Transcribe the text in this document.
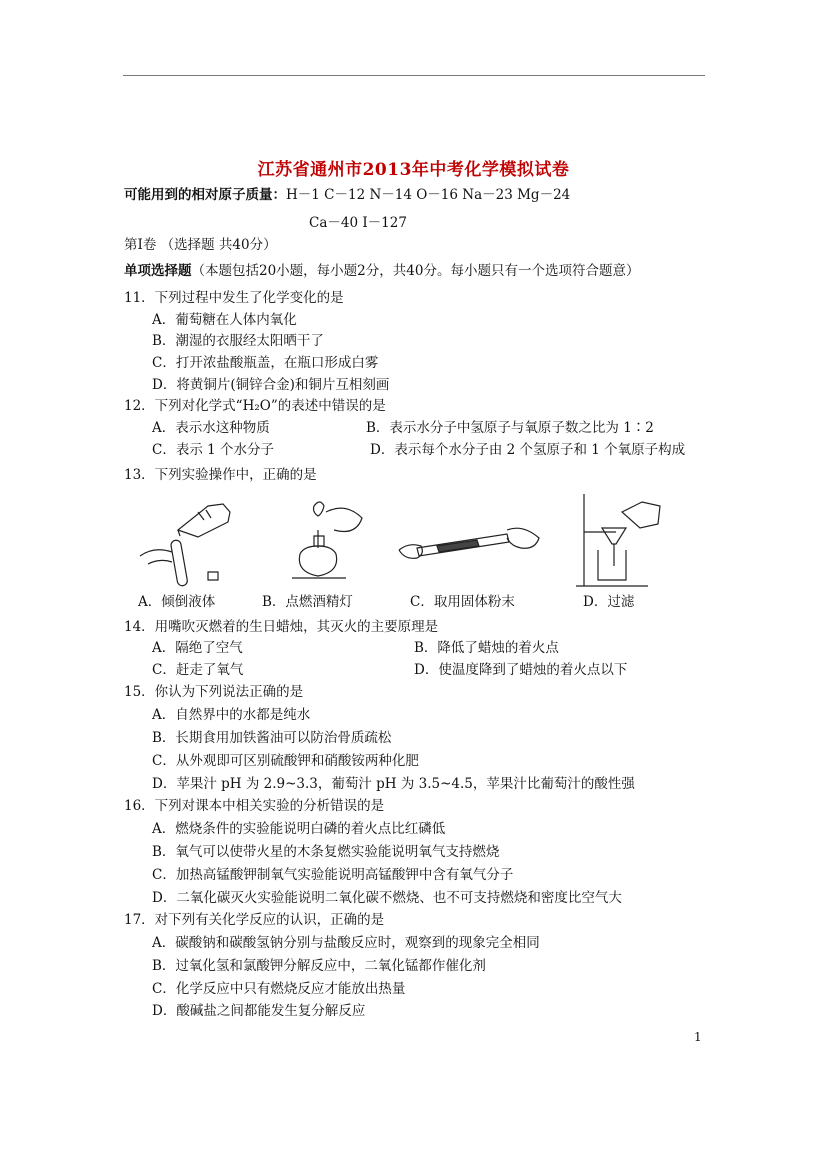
江苏省通州市2013年中考化学模拟试卷
可能用到的相对原子质量：H－1 C－12 N－14 O－16 Na－23 Mg－24
Ca－40 I－127
第Ⅰ卷 （选择题 共40分）
单项选择题（本题包括20小题，每小题2分，共40分。每小题只有一个选项符合题意）
11．下列过程中发生了化学变化的是
A．葡萄糖在人体内氧化
B．潮湿的衣服经太阳晒干了
C．打开浓盐酸瓶盖，在瓶口形成白雾
D．将黄铜片(铜锌合金)和铜片互相刻画
12．下列对化学式“H₂O”的表述中错误的是
A．表示水这种物质	B．表示水分子中氢原子与氧原子数之比为 1∶2
C．表示 1 个水分子	D．表示每个水分子由 2 个氢原子和 1 个氧原子构成
13．下列实验操作中，正确的是
A．倾倒液体	B．点燃酒精灯	C．取用固体粉末	D．过滤
14．用嘴吹灭燃着的生日蜡烛，其灭火的主要原理是
A．隔绝了空气	B．降低了蜡烛的着火点
C．赶走了氧气	D．使温度降到了蜡烛的着火点以下
15．你认为下列说法正确的是
A．自然界中的水都是纯水
B．长期食用加铁酱油可以防治骨质疏松
C．从外观即可区别硫酸钾和硝酸铵两种化肥
D．苹果汁 pH 为 2.9~3.3，葡萄汁 pH 为 3.5~4.5，苹果汁比葡萄汁的酸性强
16．下列对课本中相关实验的分析错误的是
A．燃烧条件的实验能说明白磷的着火点比红磷低
B．氧气可以使带火星的木条复燃实验能说明氧气支持燃烧
C．加热高锰酸钾制氧气实验能说明高锰酸钾中含有氧气分子
D．二氧化碳灭火实验能说明二氧化碳不燃烧、也不可支持燃烧和密度比空气大
17．对下列有关化学反应的认识，正确的是
A．碳酸钠和碳酸氢钠分别与盐酸反应时，观察到的现象完全相同
B．过氧化氢和氯酸钾分解反应中，二氧化锰都作催化剂
C．化学反应中只有燃烧反应才能放出热量
D．酸碱盐之间都能发生复分解反应
1
